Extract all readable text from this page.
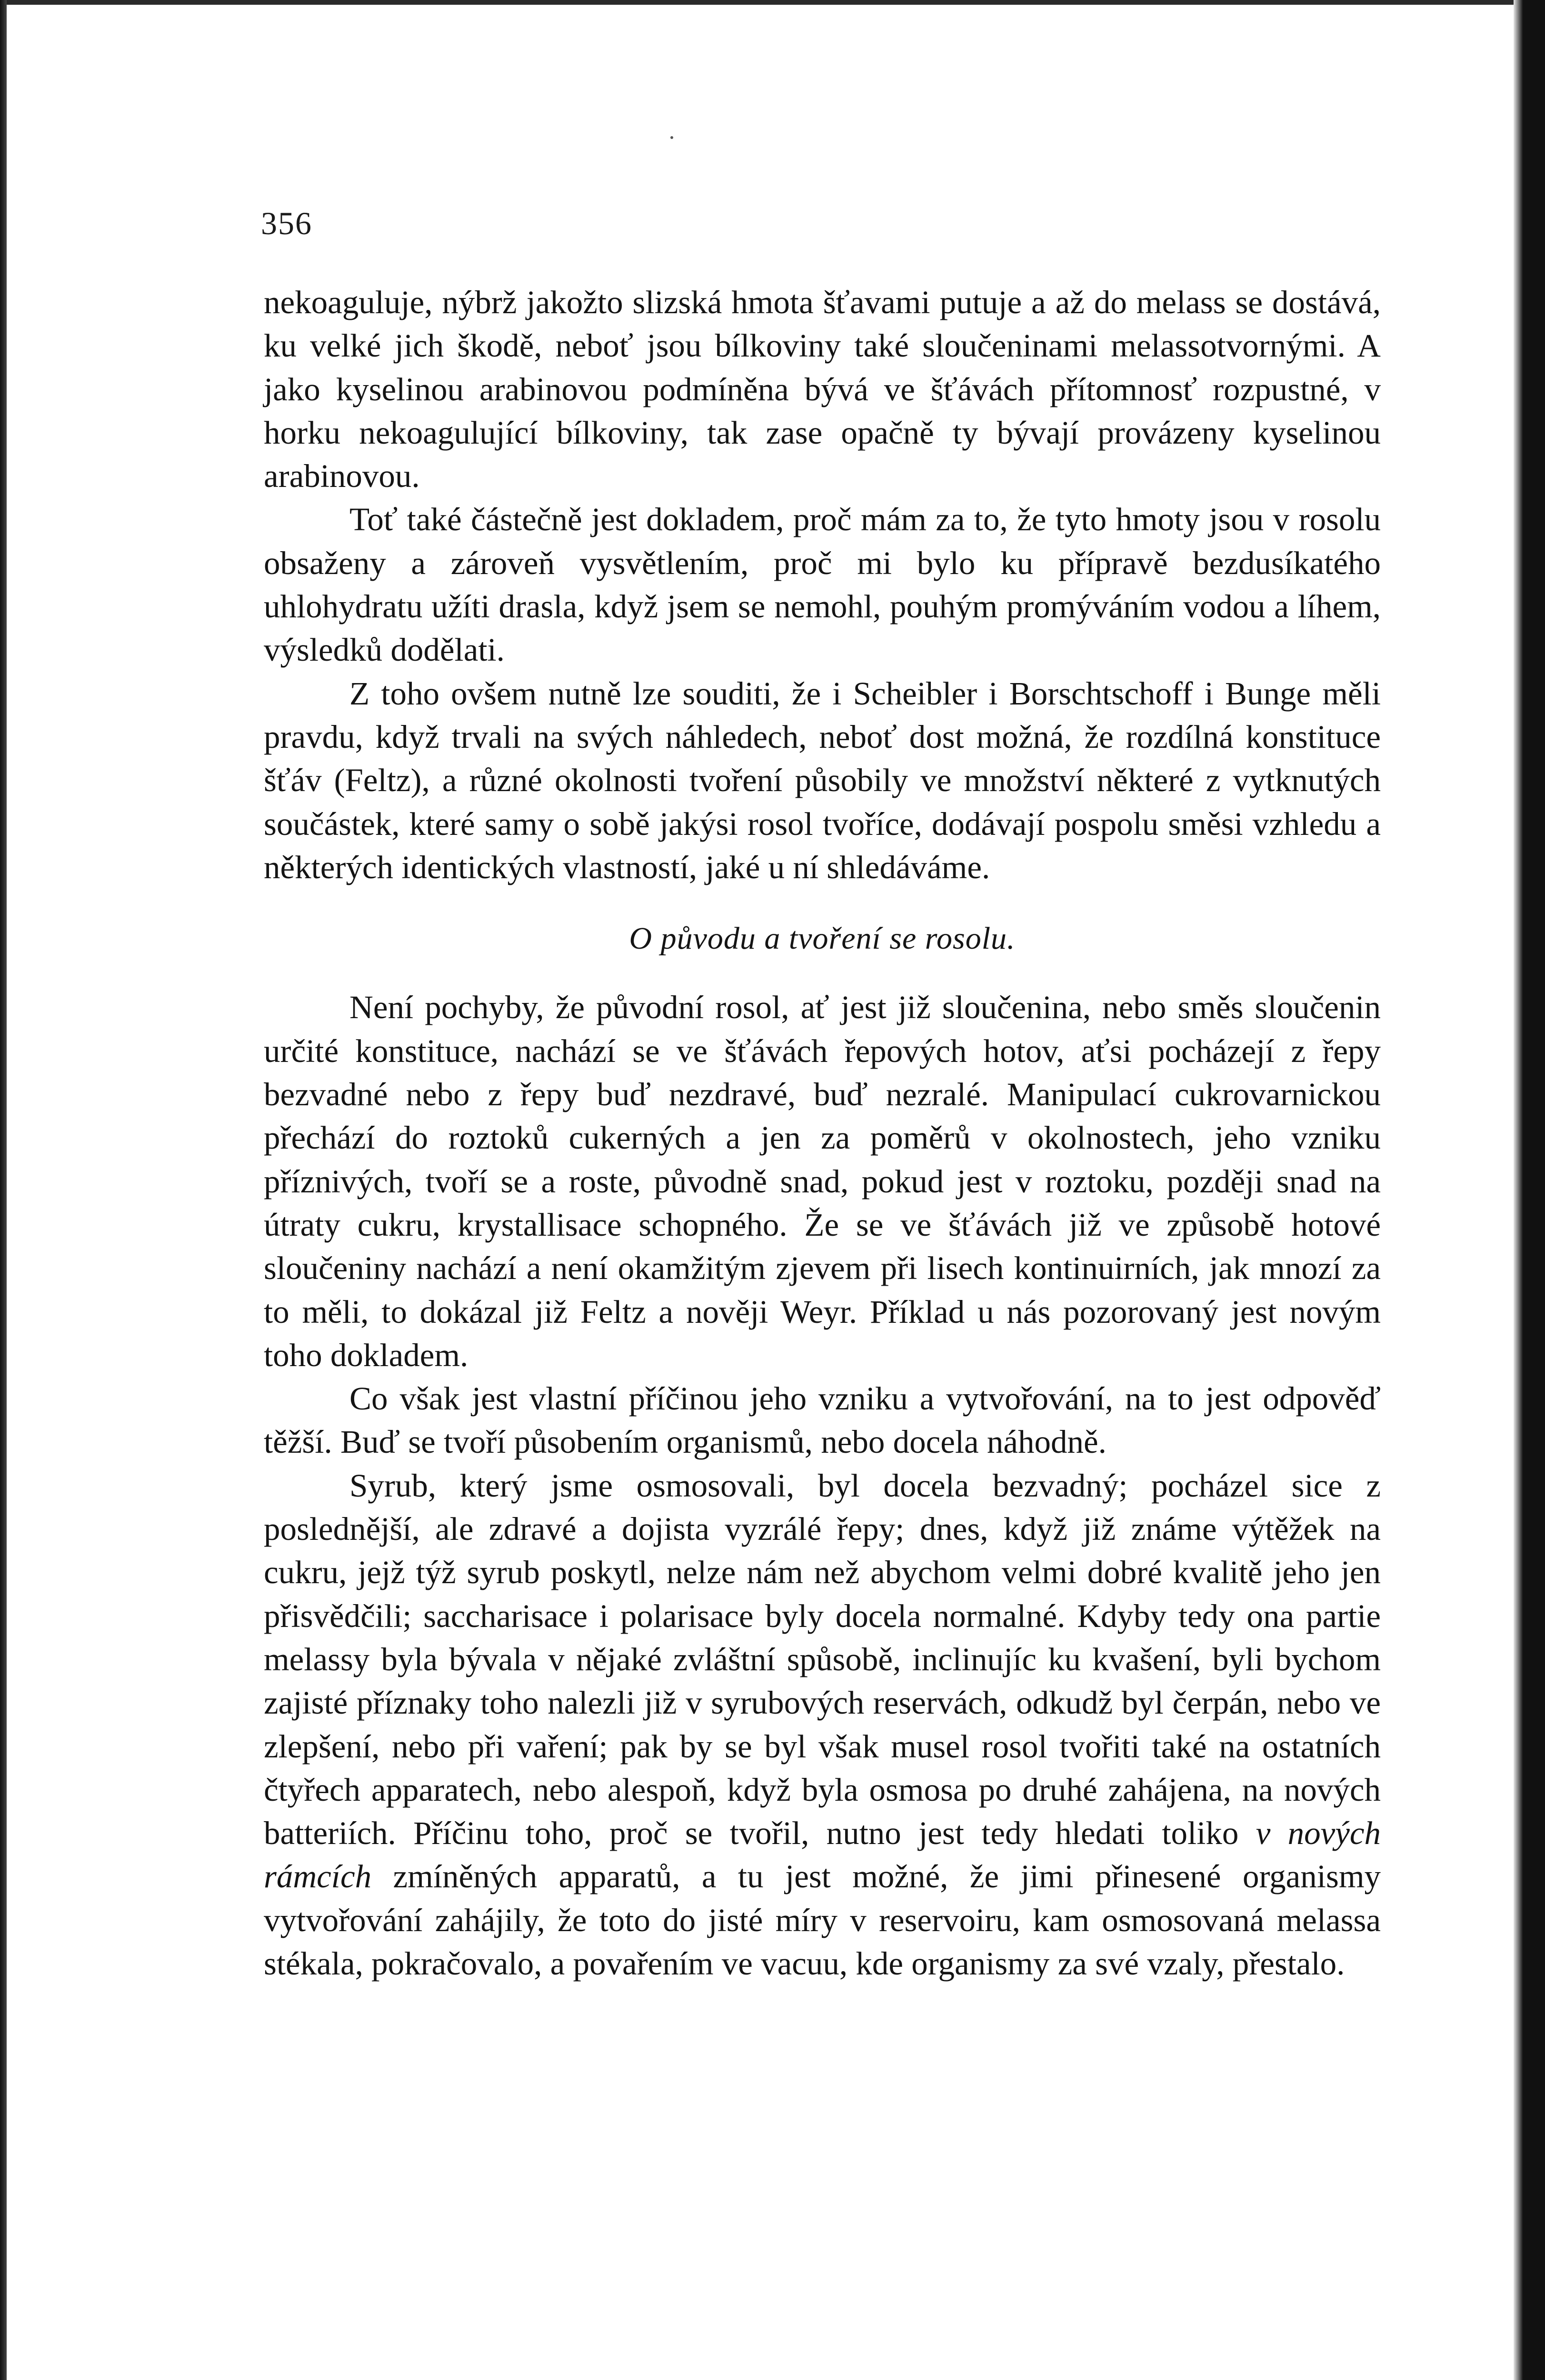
356

nekoaguluje, nýbrž jakožto slizská hmota šťavami putuje a až do melass se dostává, ku velké jich škodě, neboť jsou bílkoviny také sloučeninami melassotvornými. A jako kyselinou arabinovou podmíněna bývá ve šťávách přítomnosť rozpustné, v horku nekoagulující bílkoviny, tak zase opačně ty bývají provázeny kyselinou arabinovou.

Toť také částečně jest dokladem, proč mám za to, že tyto hmoty jsou v rosolu obsaženy a zároveň vysvětlením, proč mi bylo ku přípravě bezdusíkatého uhlohydratu užíti drasla, když jsem se nemohl, pouhým promýváním vodou a líhem, výsledků dodělati.

Z toho ovšem nutně lze souditi, že i Scheibler i Borschtschoff i Bunge měli pravdu, když trvali na svých náhledech, neboť dost možná, že rozdílná konstituce šťáv (Feltz), a různé okolnosti tvoření působily ve množství některé z vytknutých součástek, které samy o sobě jakýsi rosol tvoříce, dodávají pospolu směsi vzhledu a některých identických vlastností, jaké u ní shledáváme.

O původu a tvoření se rosolu.

Není pochyby, že původní rosol, ať jest již sloučenina, nebo směs sloučenin určité konstituce, nachází se ve šťávách řepových hotov, aťsi pocházejí z řepy bezvadné nebo z řepy buď nezdravé, buď nezralé. Manipulací cukrovarnickou přechází do roztoků cukerných a jen za poměrů v okolnostech, jeho vzniku příznivých, tvoří se a roste, původně snad, pokud jest v roztoku, později snad na útraty cukru, krystallisace schopného. Že se ve šťávách již ve způsobě hotové sloučeniny nachází a není okamžitým zjevem při lisech kontinuirních, jak mnozí za to měli, to dokázal již Feltz a nověji Weyr. Příklad u nás pozorovaný jest novým toho dokladem.

Co však jest vlastní příčinou jeho vzniku a vytvořování, na to jest odpověď těžší. Buď se tvoří působením organismů, nebo docela náhodně.

Syrub, který jsme osmosovali, byl docela bezvadný; pocházel sice z poslednější, ale zdravé a dojista vyzrálé řepy; dnes, když již známe výtěžek na cukru, jejž týž syrub poskytl, nelze nám než abychom velmi dobré kvalitě jeho jen přisvědčili; saccharisace i polarisace byly docela normalné. Kdyby tedy ona partie melassy byla bývala v nějaké zvláštní spůsobě, inclinujíc ku kvašení, byli bychom zajisté příznaky toho nalezli již v syrubových reservách, odkudž byl čerpán, nebo ve zlepšení, nebo při vaření; pak by se byl však musel rosol tvořiti také na ostatních čtyřech apparatech, nebo alespoň, když byla osmosa po druhé zahájena, na nových batteriích. Příčinu toho, proč se tvořil, nutno jest tedy hledati toliko v nových rámcích zmíněných apparatů, a tu jest možné, že jimi přinesené organismy vytvořování zahájily, že toto do jisté míry v reservoiru, kam osmosovaná melassa stékala, pokračovalo, a povařením ve vacuu, kde organismy za své vzaly, přestalo.
